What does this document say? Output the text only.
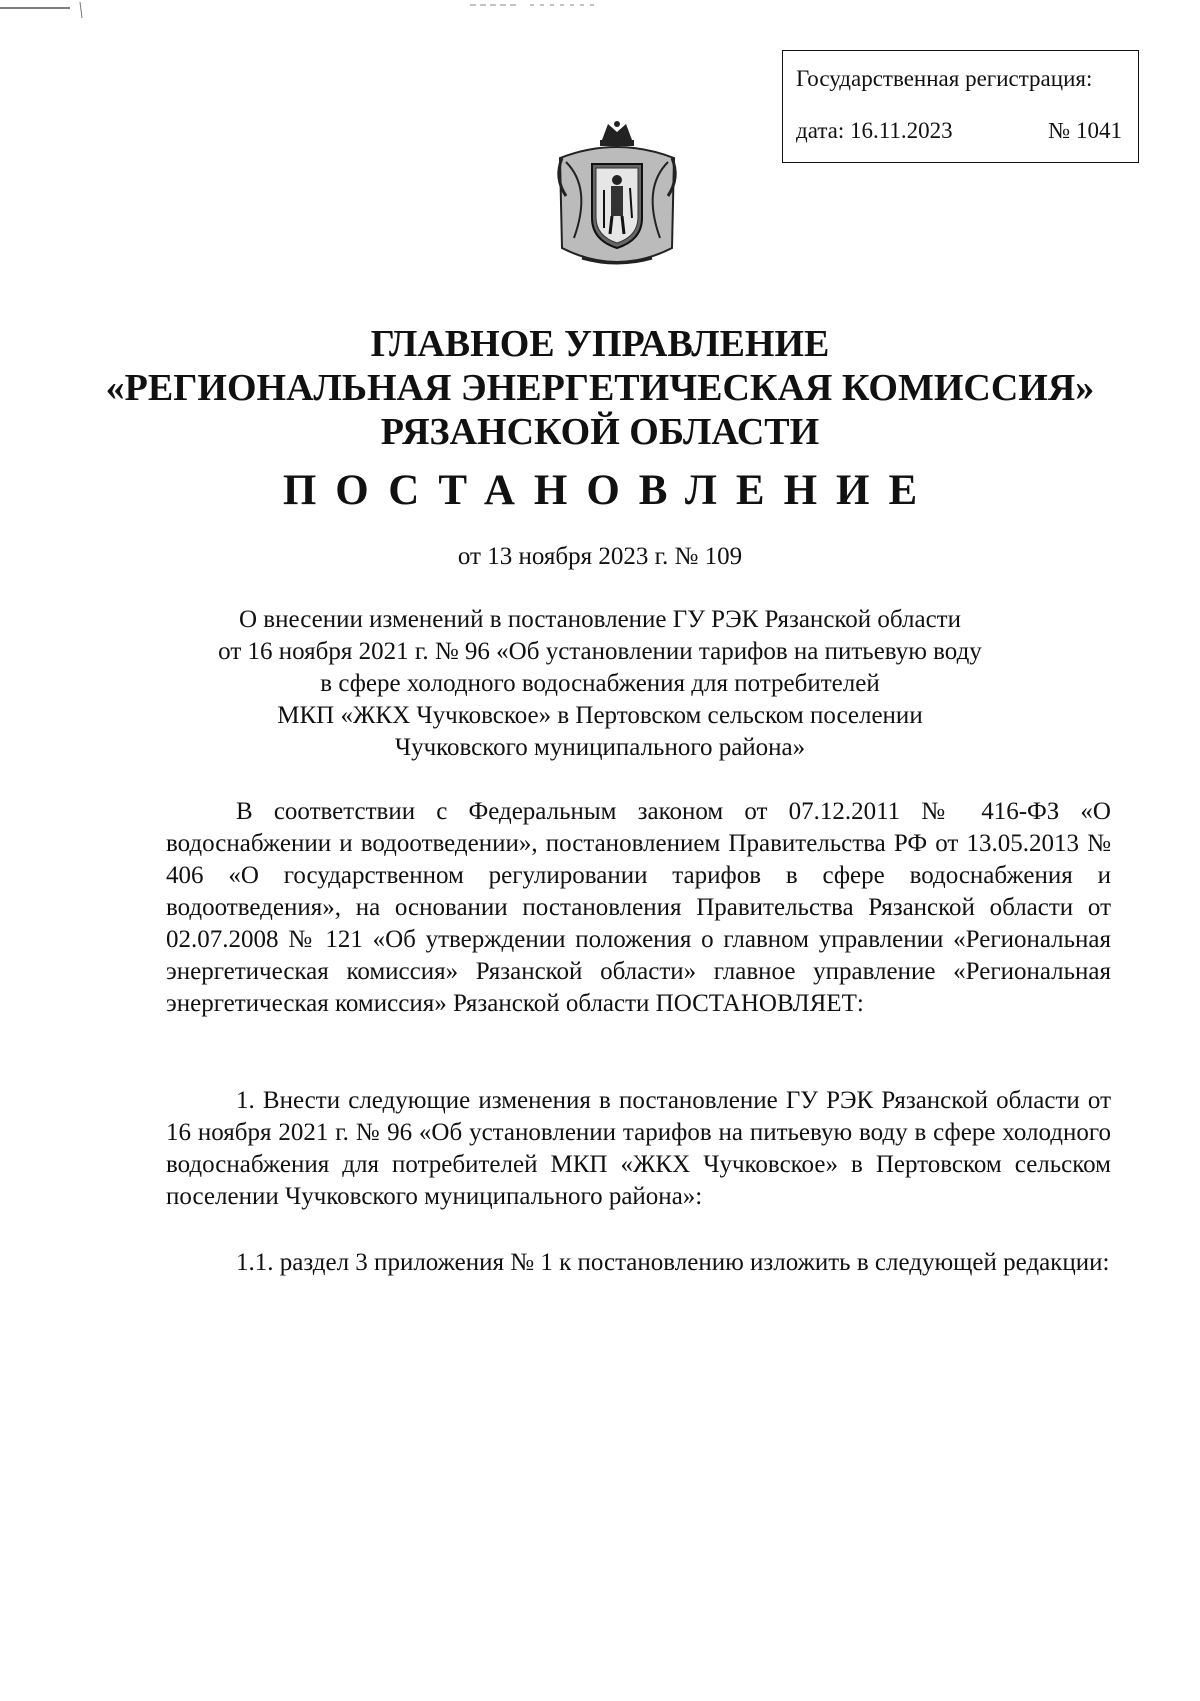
Государственная регистрация:
дата: 16.11.2023	№ 1041
ГЛАВНОЕ УПРАВЛЕНИЕ
«РЕГИОНАЛЬНАЯ ЭНЕРГЕТИЧЕСКАЯ КОМИССИЯ»
РЯЗАНСКОЙ ОБЛАСТИ
ПОСТАНОВЛЕНИЕ
от 13 ноября 2023 г. № 109
О внесении изменений в постановление ГУ РЭК Рязанской области
от 16 ноября 2021 г. № 96 «Об установлении тарифов на питьевую воду
в сфере холодного водоснабжения для потребителей
МКП «ЖКХ Чучковское» в Пертовском сельском поселении
Чучковского муниципального района»
В соответствии с Федеральным законом от 07.12.2011 № 416-ФЗ «О водоснабжении и водоотведении», постановлением Правительства РФ от 13.05.2013 № 406 «О государственном регулировании тарифов в сфере водоснабжения и водоотведения», на основании постановления Правительства Рязанской области от 02.07.2008 № 121 «Об утверждении положения о главном управлении «Региональная энергетическая комиссия» Рязанской области» главное управление «Региональная энергетическая комиссия» Рязанской области ПОСТАНОВЛЯЕТ:
1. Внести следующие изменения в постановление ГУ РЭК Рязанской области от 16 ноября 2021 г. № 96 «Об установлении тарифов на питьевую воду в сфере холодного водоснабжения для потребителей МКП «ЖКХ Чучковское» в Пертовском сельском поселении Чучковского муниципального района»:
1.1. раздел 3 приложения № 1 к постановлению изложить в следующей редакции:
